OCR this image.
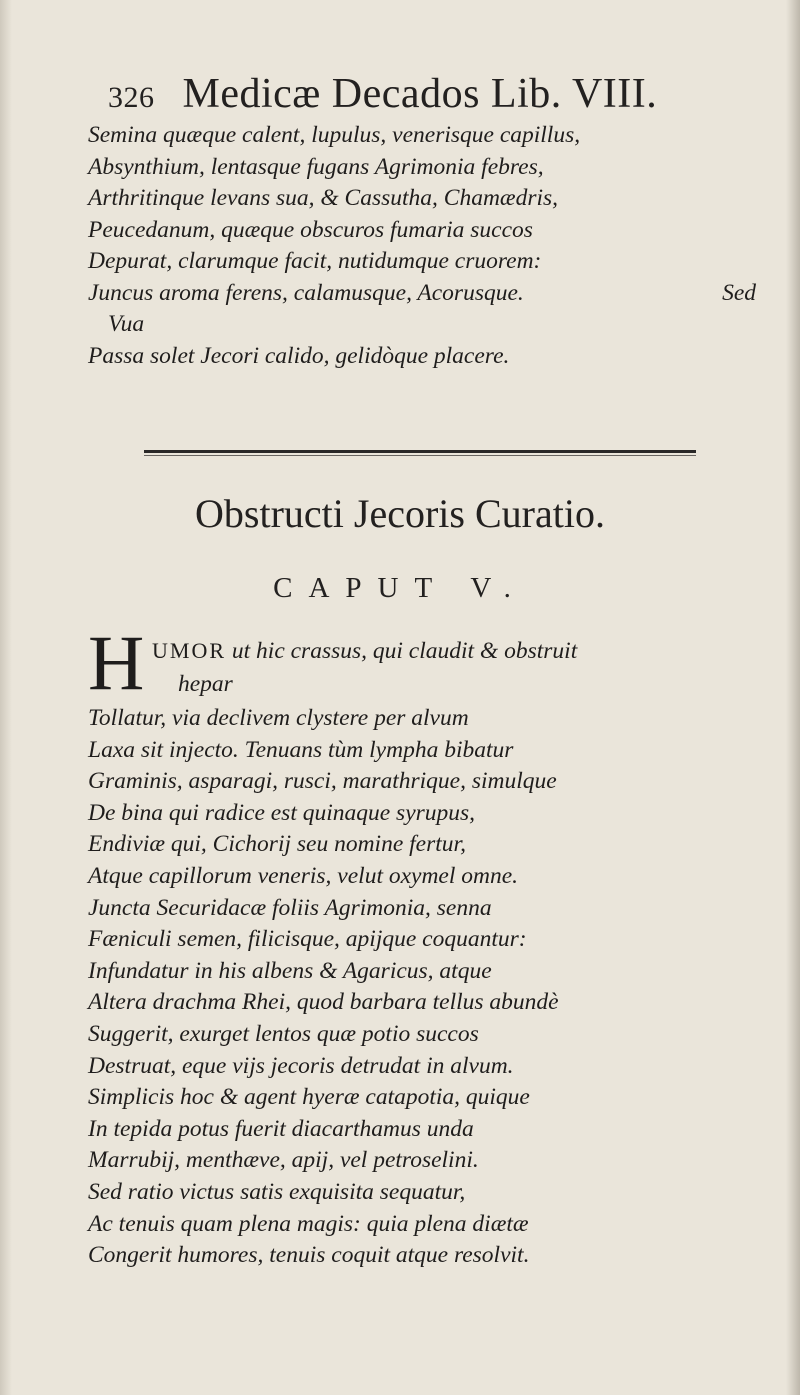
326 Medicæ Decados Lib. VIII.
Semina quæque calent, lupulus, venerisque capillus,
Absynthium, lentasque fugans Agrimonia febres,
Arthritinque levans sua, & Cassutha, Chamædris,
Peucedanum, quæque obscuros fumaria succos
Depurat, clarumque facit, nutidumque cruorem:
Juncus aroma ferens, calamusque, Acorusque.	Sed
Vua
Passa solet Jecori calido, gelidòque placere.
Obstructi Jecoris Curatio.
CAPUT V.
H UMOR ut hic crassus, qui claudit & obstruit
hepar
Tollatur, via declivem clystere per alvum
Laxa sit injecto. Tenuans tùm lympha bibatur
Graminis, asparagi, rusci, marathrique, simulque
De bina qui radice est quinaque syrupus,
Endiviæ qui, Cichorij seu nomine fertur,
Atque capillorum veneris, velut oxymel omne.
Juncta Securidacæ foliis Agrimonia, senna
Fæniculi semen, filicisque, apijque coquantur:
Infundatur in his albens & Agaricus, atque
Altera drachma Rhei, quod barbara tellus abundè
Suggerit, exurget lentos quæ potio succos
Destruat, eque vijs jecoris detrudat in alvum.
Simplicis hoc & agent hyeræ catapotia, quique
In tepida potus fuerit diacarthamus unda
Marrubij, menthæve, apij, vel petroselini.
Sed ratio victus satis exquisita sequatur,
Ac tenuis quam plena magis: quia plena diætæ
Congerit humores, tenuis coquit atque resolvit.
